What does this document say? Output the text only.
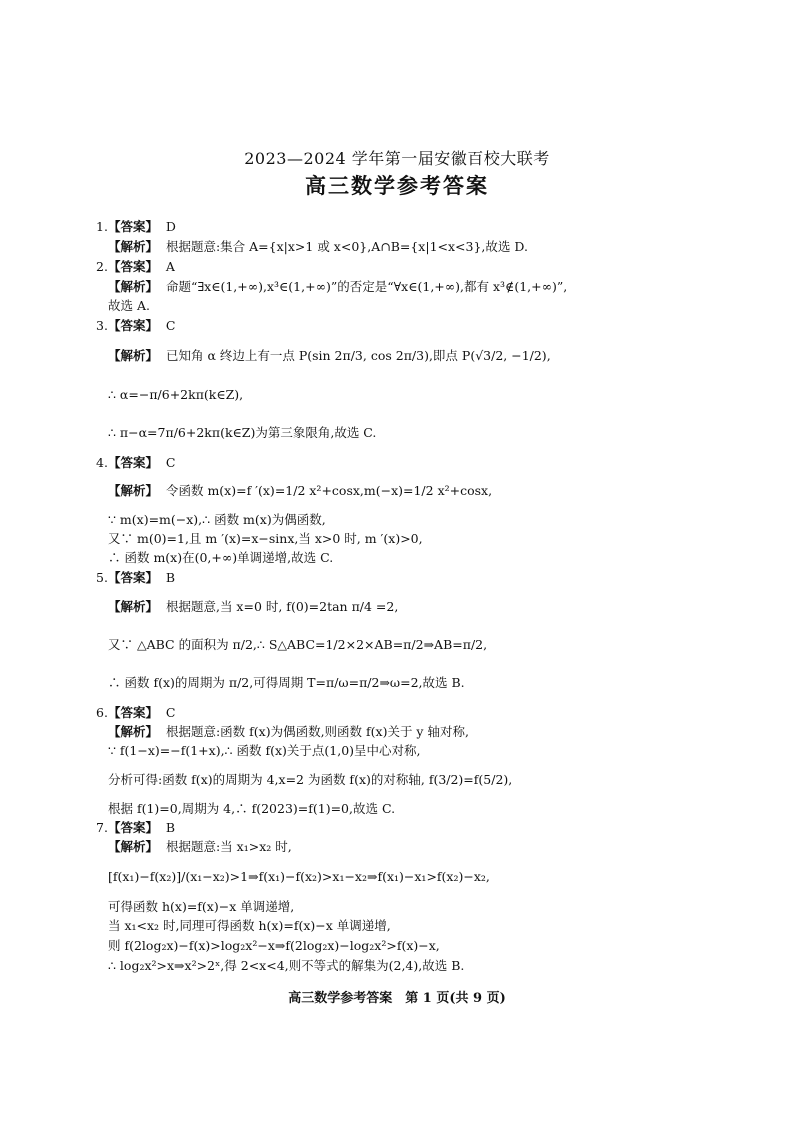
2023—2024 学年第一届安徽百校大联考
高三数学参考答案
1.【答案】 D
【解析】 根据题意:集合 A={x|x>1 或 x<0},A∩B={x|1<x<3},故选 D.
2.【答案】 A
【解析】 命题“∃x∈(1,+∞),x³∈(1,+∞)”的否定是“∀x∈(1,+∞),都有 x³∉(1,+∞)”,
故选 A.
3.【答案】 C
【解析】 已知角 α 终边上有一点 P(sin 2π/3, cos 2π/3),即点 P(√3/2, −1/2),
∴ α=−π/6+2kπ(k∈Z),
∴ π−α=7π/6+2kπ(k∈Z)为第三象限角,故选 C.
4.【答案】 C
【解析】 令函数 m(x)=f ′(x)=1/2 x²+cosx,m(−x)=1/2 x²+cosx,
∵ m(x)=m(−x),∴ 函数 m(x)为偶函数,
又∵ m(0)=1,且 m ′(x)=x−sinx,当 x>0 时, m ′(x)>0,
∴ 函数 m(x)在(0,+∞)单调递增,故选 C.
5.【答案】 B
【解析】 根据题意,当 x=0 时, f(0)=2tan π/4 =2,
又∵ △ABC 的面积为 π/2,∴ S△ABC=1/2×2×AB=π/2⇒AB=π/2,
∴ 函数 f(x)的周期为 π/2,可得周期 T=π/ω=π/2⇒ω=2,故选 B.
6.【答案】 C
【解析】 根据题意:函数 f(x)为偶函数,则函数 f(x)关于 y 轴对称,
∵ f(1−x)=−f(1+x),∴ 函数 f(x)关于点(1,0)呈中心对称,
分析可得:函数 f(x)的周期为 4,x=2 为函数 f(x)的对称轴, f(3/2)=f(5/2),
根据 f(1)=0,周期为 4,∴ f(2023)=f(1)=0,故选 C.
7.【答案】 B
【解析】 根据题意:当 x₁>x₂ 时,
[f(x₁)−f(x₂)]/(x₁−x₂)>1⇒f(x₁)−f(x₂)>x₁−x₂⇒f(x₁)−x₁>f(x₂)−x₂,
可得函数 h(x)=f(x)−x 单调递增,
当 x₁<x₂ 时,同理可得函数 h(x)=f(x)−x 单调递增,
则 f(2log₂x)−f(x)>log₂x²−x⇒f(2log₂x)−log₂x²>f(x)−x,
∴ log₂x²>x⇒x²>2ˣ,得 2<x<4,则不等式的解集为(2,4),故选 B.
高三数学参考答案　第 1 页(共 9 页)
